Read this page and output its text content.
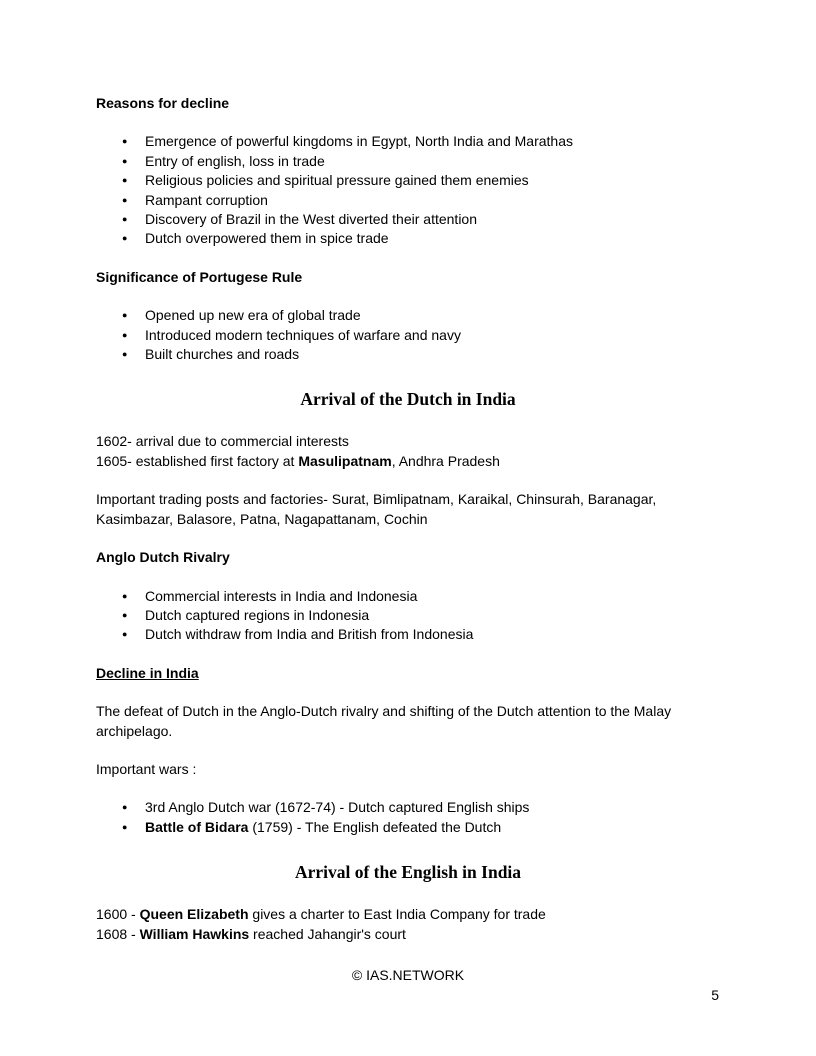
Reasons for decline
● Emergence of powerful kingdoms in Egypt, North India and Marathas
● Entry of english, loss in trade
● Religious policies and spiritual pressure gained them enemies
● Rampant corruption
● Discovery of Brazil in the West diverted their attention
● Dutch overpowered them in spice trade
Significance of Portugese Rule
● Opened up new era of global trade
● Introduced modern techniques of warfare and navy
● Built churches and roads
Arrival of the Dutch in India

1602- arrival due to commercial interests
1605- established first factory at Masulipatnam, Andhra Pradesh

Important trading posts and factories- Surat, Bimlipatnam, Karaikal, Chinsurah, Baranagar, Kasimbazar, Balasore, Patna, Nagapattanam, Cochin

Anglo Dutch Rivalry
● Commercial interests in India and Indonesia
● Dutch captured regions in Indonesia
● Dutch withdraw from India and British from Indonesia
Decline in India

The defeat of Dutch in the Anglo-Dutch rivalry and shifting of the Dutch attention to the Malay archipelago.

Important wars :

● 3rd Anglo Dutch war (1672-74) - Dutch captured English ships
● Battle of Bidara (1759) - The English defeated the Dutch
Arrival of the English in India

1600 - Queen Elizabeth gives a charter to East India Company for trade
1608 - William Hawkins reached Jahangir's court

© IAS.NETWORK
5
